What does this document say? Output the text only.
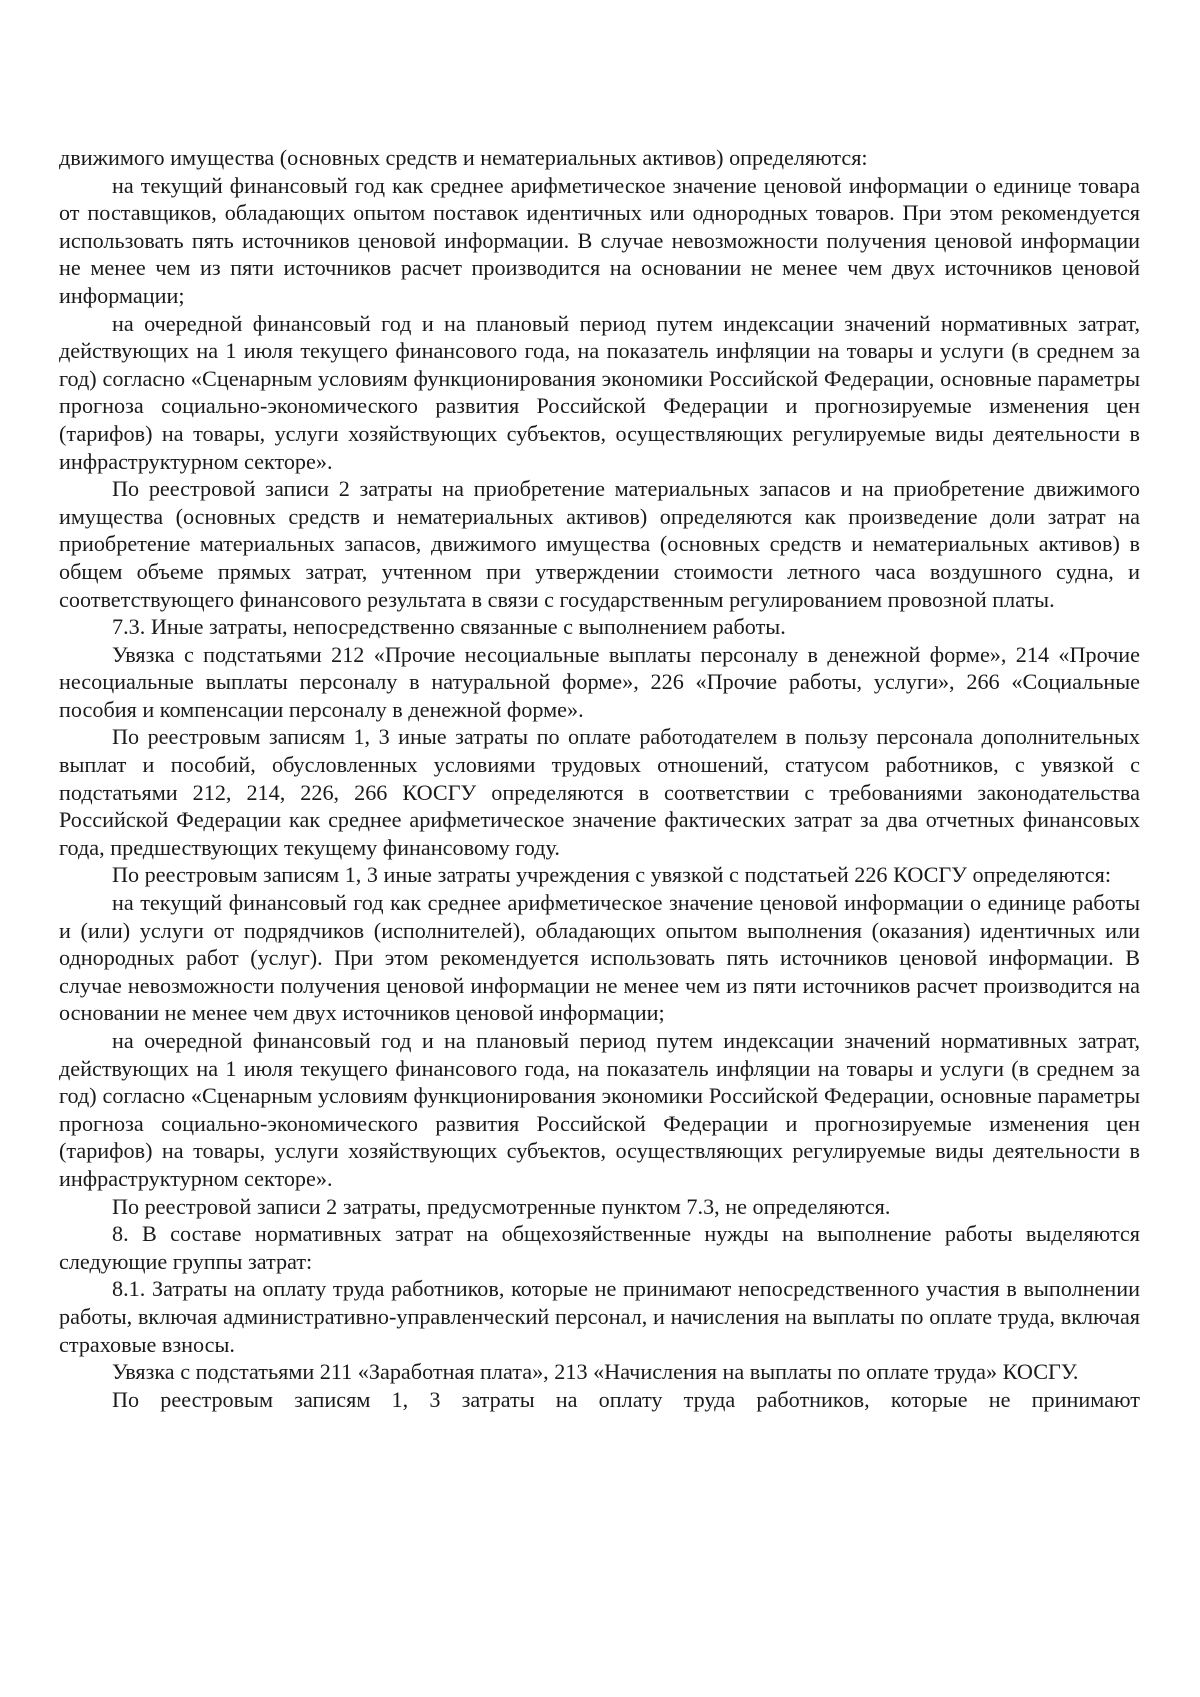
движимого имущества (основных средств и нематериальных активов) определяются:

на текущий финансовый год как среднее арифметическое значение ценовой информации о единице товара от поставщиков, обладающих опытом поставок идентичных или однородных товаров. При этом рекомендуется использовать пять источников ценовой информации. В случае невозможности получения ценовой информации не менее чем из пяти источников расчет производится на основании не менее чем двух источников ценовой информации;

на очередной финансовый год и на плановый период путем индексации значений нормативных затрат, действующих на 1 июля текущего финансового года, на показатель инфляции на товары и услуги (в среднем за год) согласно «Сценарным условиям функционирования экономики Российской Федерации, основные параметры прогноза социально-экономического развития Российской Федерации и прогнозируемые изменения цен (тарифов) на товары, услуги хозяйствующих субъектов, осуществляющих регулируемые виды деятельности в инфраструктурном секторе».

По реестровой записи 2 затраты на приобретение материальных запасов и на приобретение движимого имущества (основных средств и нематериальных активов) определяются как произведение доли затрат на приобретение материальных запасов, движимого имущества (основных средств и нематериальных активов) в общем объеме прямых затрат, учтенном при утверждении стоимости летного часа воздушного судна, и соответствующего финансового результата в связи с государственным регулированием провозной платы.

7.3. Иные затраты, непосредственно связанные с выполнением работы.

Увязка с подстатьями 212 «Прочие несоциальные выплаты персоналу в денежной форме», 214 «Прочие несоциальные выплаты персоналу в натуральной форме», 226 «Прочие работы, услуги», 266 «Социальные пособия и компенсации персоналу в денежной форме».

По реестровым записям 1, 3 иные затраты по оплате работодателем в пользу персонала дополнительных выплат и пособий, обусловленных условиями трудовых отношений, статусом работников, с увязкой с подстатьями 212, 214, 226, 266 КОСГУ определяются в соответствии с требованиями законодательства Российской Федерации как среднее арифметическое значение фактических затрат за два отчетных финансовых года, предшествующих текущему финансовому году.

По реестровым записям 1, 3 иные затраты учреждения с увязкой с подстатьей 226 КОСГУ определяются:

на текущий финансовый год как среднее арифметическое значение ценовой информации о единице работы и (или) услуги от подрядчиков (исполнителей), обладающих опытом выполнения (оказания) идентичных или однородных работ (услуг). При этом рекомендуется использовать пять источников ценовой информации. В случае невозможности получения ценовой информации не менее чем из пяти источников расчет производится на основании не менее чем двух источников ценовой информации;

на очередной финансовый год и на плановый период путем индексации значений нормативных затрат, действующих на 1 июля текущего финансового года, на показатель инфляции на товары и услуги (в среднем за год) согласно «Сценарным условиям функционирования экономики Российской Федерации, основные параметры прогноза социально-экономического развития Российской Федерации и прогнозируемые изменения цен (тарифов) на товары, услуги хозяйствующих субъектов, осуществляющих регулируемые виды деятельности в инфраструктурном секторе».

По реестровой записи 2 затраты, предусмотренные пунктом 7.3, не определяются.

8. В составе нормативных затрат на общехозяйственные нужды на выполнение работы выделяются следующие группы затрат:

8.1. Затраты на оплату труда работников, которые не принимают непосредственного участия в выполнении работы, включая административно-управленческий персонал, и начисления на выплаты по оплате труда, включая страховые взносы.

Увязка с подстатьями 211 «Заработная плата», 213 «Начисления на выплаты по оплате труда» КОСГУ.

По реестровым записям 1, 3 затраты на оплату труда работников, которые не принимают
